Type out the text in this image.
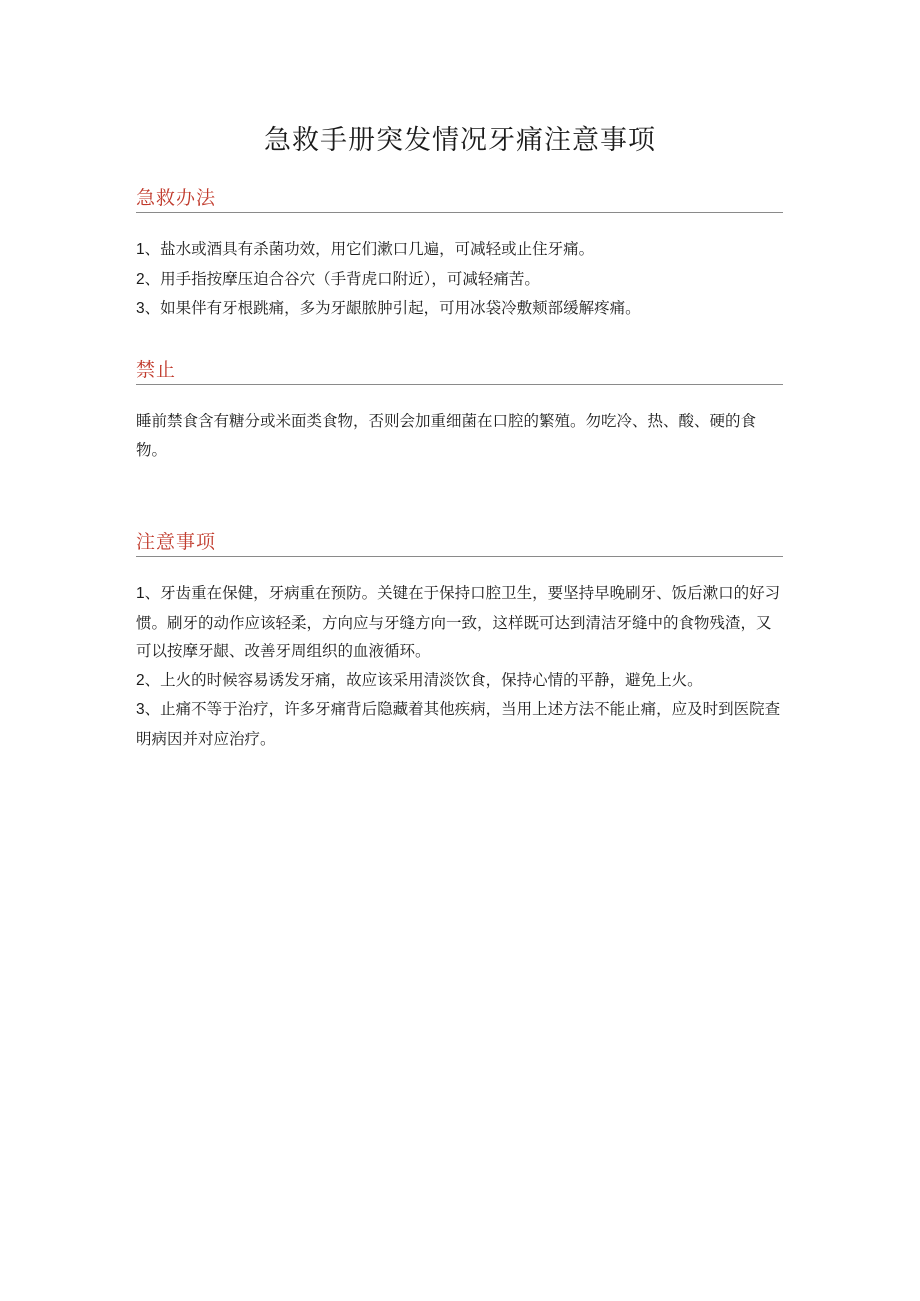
急救手册突发情况牙痛注意事项
急救办法

1、盐水或酒具有杀菌功效，用它们漱口几遍，可减轻或止住牙痛。

2、用手指按摩压迫合谷穴（手背虎口附近），可减轻痛苦。

3、如果伴有牙根跳痛，多为牙龈脓肿引起，可用冰袋冷敷颊部缓解疼痛。

禁止

睡前禁食含有糖分或米面类食物，否则会加重细菌在口腔的繁殖。勿吃冷、热、酸、硬的食物。

注意事项

1、牙齿重在保健，牙病重在预防。关键在于保持口腔卫生，要坚持早晚刷牙、饭后漱口的好习惯。刷牙的动作应该轻柔，方向应与牙缝方向一致，这样既可达到清洁牙缝中的食物残渣，又可以按摩牙龈、改善牙周组织的血液循环。

2、上火的时候容易诱发牙痛，故应该采用清淡饮食，保持心情的平静，避免上火。

3、止痛不等于治疗，许多牙痛背后隐藏着其他疾病，当用上述方法不能止痛，应及时到医院查明病因并对应治疗。
